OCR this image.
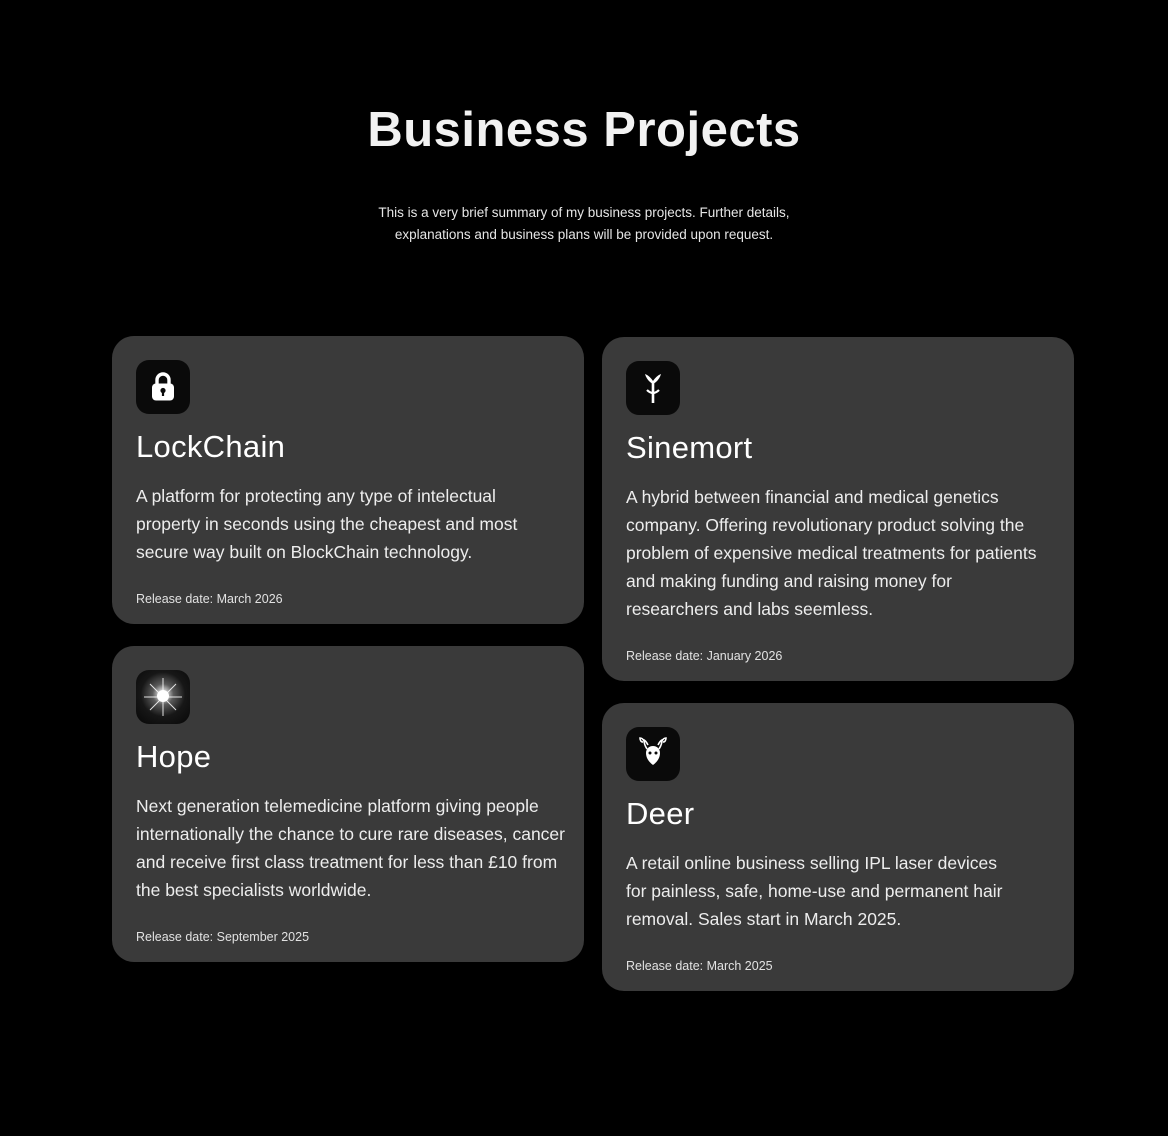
Business Projects

This is a very brief summary of my business projects. Further details, explanations and business plans will be provided upon request.

LockChain
A platform for protecting any type of intelectual property in seconds using the cheapest and most secure way built on BlockChain technology.
Release date: March 2026
Hope
Next generation telemedicine platform giving people internationally the chance to cure rare diseases, cancer and receive first class treatment for less than £10 from the best specialists worldwide.
Release date: September 2025
Sinemort
A hybrid between financial and medical genetics company. Offering revolutionary product solving the problem of expensive medical treatments for patients and making funding and raising money for researchers and labs seemless.
Release date: January 2026
Deer
A retail online business selling IPL laser devices for painless, safe, home-use and permanent hair removal. Sales start in March 2025.
Release date: March 2025
